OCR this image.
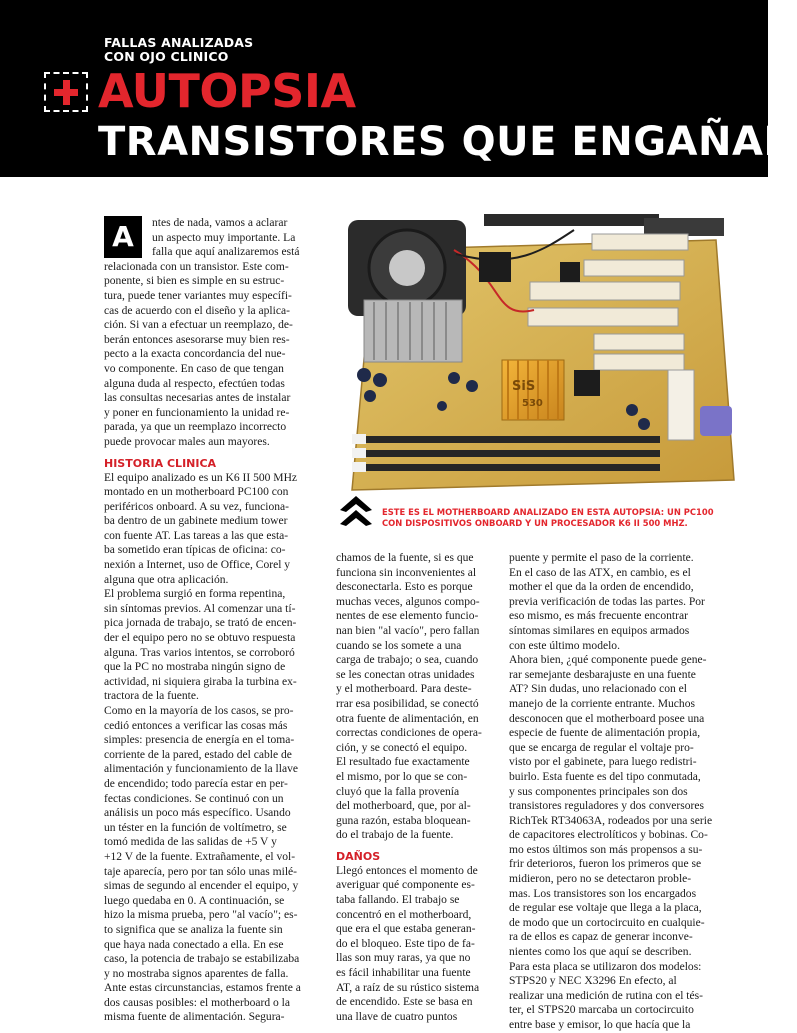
FALLAS ANALIZADAS
CON OJO CLINICO
AUTOPSIA
TRANSISTORES QUE ENGAÑAN
A	ntes de nada, vamos a aclarar
un aspecto muy importante. La
falla que aquí analizaremos está
relacionada con un transistor. Este com-
ponente, si bien es simple en su estruc-
tura, puede tener variantes muy específi-
cas de acuerdo con el diseño y la aplica-
ción. Si van a efectuar un reemplazo, de-
berán entonces asesorarse muy bien res-
pecto a la exacta concordancia del nue-
vo componente. En caso de que tengan
alguna duda al respecto, efectúen todas
las consultas necesarias antes de instalar
y poner en funcionamiento la unidad re-
parada, ya que un reemplazo incorrecto
puede provocar males aun mayores.
HISTORIA CLINICA
El equipo analizado es un K6 II 500 MHz
montado en un motherboard PC100 con
periféricos onboard. A su vez, funciona-
ba dentro de un gabinete medium tower
con fuente AT. Las tareas a las que esta-
ba sometido eran típicas de oficina: co-
nexión a Internet, uso de Office, Corel y
alguna que otra aplicación.
El problema surgió en forma repentina,
sin síntomas previos. Al comenzar una tí-
pica jornada de trabajo, se trató de encen-
der el equipo pero no se obtuvo respuesta
alguna. Tras varios intentos, se corroboró
que la PC no mostraba ningún signo de
actividad, ni siquiera giraba la turbina ex-
tractora de la fuente.
Como en la mayoría de los casos, se pro-
cedió entonces a verificar las cosas más
simples: presencia de energía en el toma-
corriente de la pared, estado del cable de
alimentación y funcionamiento de la llave
de encendido; todo parecía estar en per-
fectas condiciones. Se continuó con un
análisis un poco más específico. Usando
un téster en la función de voltímetro, se
tomó medida de las salidas de +5 V y
+12 V de la fuente. Extrañamente, el vol-
taje aparecía, pero por tan sólo unas milé-
simas de segundo al encender el equipo, y
luego quedaba en 0. A continuación, se
hizo la misma prueba, pero "al vacío"; es-
to significa que se analiza la fuente sin
que haya nada conectado a ella. En ese
caso, la potencia de trabajo se estabilizaba
y no mostraba signos aparentes de falla.
Ante estas circunstancias, estamos frente a
dos causas posibles: el motherboard o la
misma fuente de alimentación. Segura-
chamos de la fuente, si es que
funciona sin inconvenientes al
desconectarla. Esto es porque
muchas veces, algunos compo-
nentes de ese elemento funcio-
nan bien "al vacío", pero fallan
cuando se los somete a una
carga de trabajo; o sea, cuando
se les conectan otras unidades
y el motherboard. Para deste-
rrar esa posibilidad, se conectó
otra fuente de alimentación, en
correctas condiciones de opera-
ción, y se conectó el equipo.
El resultado fue exactamente
el mismo, por lo que se con-
cluyó que la falla provenía
del motherboard, que, por al-
guna razón, estaba bloquean-
do el trabajo de la fuente.
DAÑOS
Llegó entonces el momento de
averiguar qué componente es-
taba fallando. El trabajo se
concentró en el motherboard,
que era el que estaba generan-
do el bloqueo. Este tipo de fa-
llas son muy raras, ya que no
es fácil inhabilitar una fuente
AT, a raíz de su rústico sistema
de encendido. Este se basa en
una llave de cuatro puntos
puente y permite el paso de la corriente.
En el caso de las ATX, en cambio, es el
mother el que da la orden de encendido,
previa verificación de todas las partes. Por
eso mismo, es más frecuente encontrar
síntomas similares en equipos armados
con este último modelo.
Ahora bien, ¿qué componente puede gene-
rar semejante desbarajuste en una fuente
AT? Sin dudas, uno relacionado con el
manejo de la corriente entrante. Muchos
desconocen que el motherboard posee una
especie de fuente de alimentación propia,
que se encarga de regular el voltaje pro-
visto por el gabinete, para luego redistri-
buirlo. Esta fuente es del tipo conmutada,
y sus componentes principales son dos
transistores reguladores y dos conversores
RichTek RT34063A, rodeados por una serie
de capacitores electrolíticos y bobinas. Co-
mo estos últimos son más propensos a su-
frir deterioros, fueron los primeros que se
midieron, pero no se detectaron proble-
mas. Los transistores son los encargados
de regular ese voltaje que llega a la placa,
de modo que un cortocircuito en cualquie-
ra de ellos es capaz de generar inconve-
nientes como los que aquí se describen.
Para esta placa se utilizaron dos modelos:
STPS20 y NEC X3296 En efecto, al
realizar una medición de rutina con el tés-
ter, el STPS20 marcaba un cortocircuito
entre base y emisor, lo que hacía que la
SiS
530
ESTE ES EL MOTHERBOARD ANALIZADO EN ESTA AUTOPSIA: UN PC100
CON DISPOSITIVOS ONBOARD Y UN PROCESADOR K6 II 500 MHZ.
